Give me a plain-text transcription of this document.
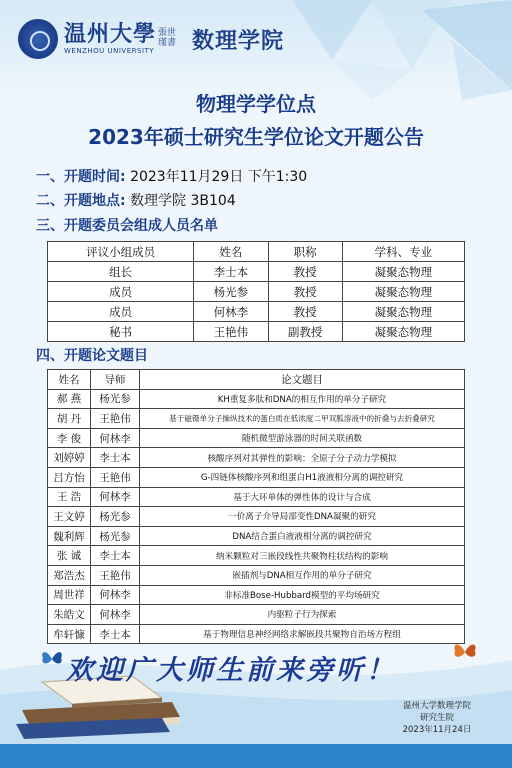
温州大學
WENZHOU UNIVERSITY
張世瑾書 数理学院
物理学学位点
2023年硕士研究生学位论文开题公告
一、开题时间: 2023年11月29日 下午1:30
二、开题地点: 数理学院 3B104
三、开题委员会组成人员名单
评议小组成员	姓名	职称	学科、专业
组长	李士本	教授	凝聚态物理
成员	杨光参	教授	凝聚态物理
成员	何林李	教授	凝聚态物理
秘书	王艳伟	副教授	凝聚态物理
四、开题论文题目
姓名	导师	论文题目
郝 燕	杨光参	KH重复多肽和DNA的相互作用的单分子研究
胡 丹	王艳伟	基于磁镊单分子操纵技术的蛋白质在低浓度二甲双胍溶液中的折叠与去折叠研究
李 俊	何林李	随机微型游泳器的时间关联函数
刘婷婷	李士本	核酸序列对其弹性的影响：全原子分子动力学模拟
吕方怡	王艳伟	G-四链体核酸序列和组蛋白H1液液相分离的调控研究
王 浩	何林李	基于大环单体的弹性体的设计与合成
王文婷	杨光参	一价离子介导局部变性DNA凝聚的研究
魏利辉	杨光参	DNA结合蛋白液液相分离的调控研究
张 诚	李士本	纳米颗粒对三嵌段线性共聚物柱状结构的影响
郑浩杰	王艳伟	嵌插剂与DNA相互作用的单分子研究
周世祥	何林李	非标准Bose-Hubbard模型的平均场研究
朱皓文	何林李	内驱粒子行为探索
牟轩慷	李士本	基于物理信息神经网络求解嵌段共聚物自治场方程组
欢迎广大师生前来旁听！
温州大学数理学院
研究生院
2023年11月24日
